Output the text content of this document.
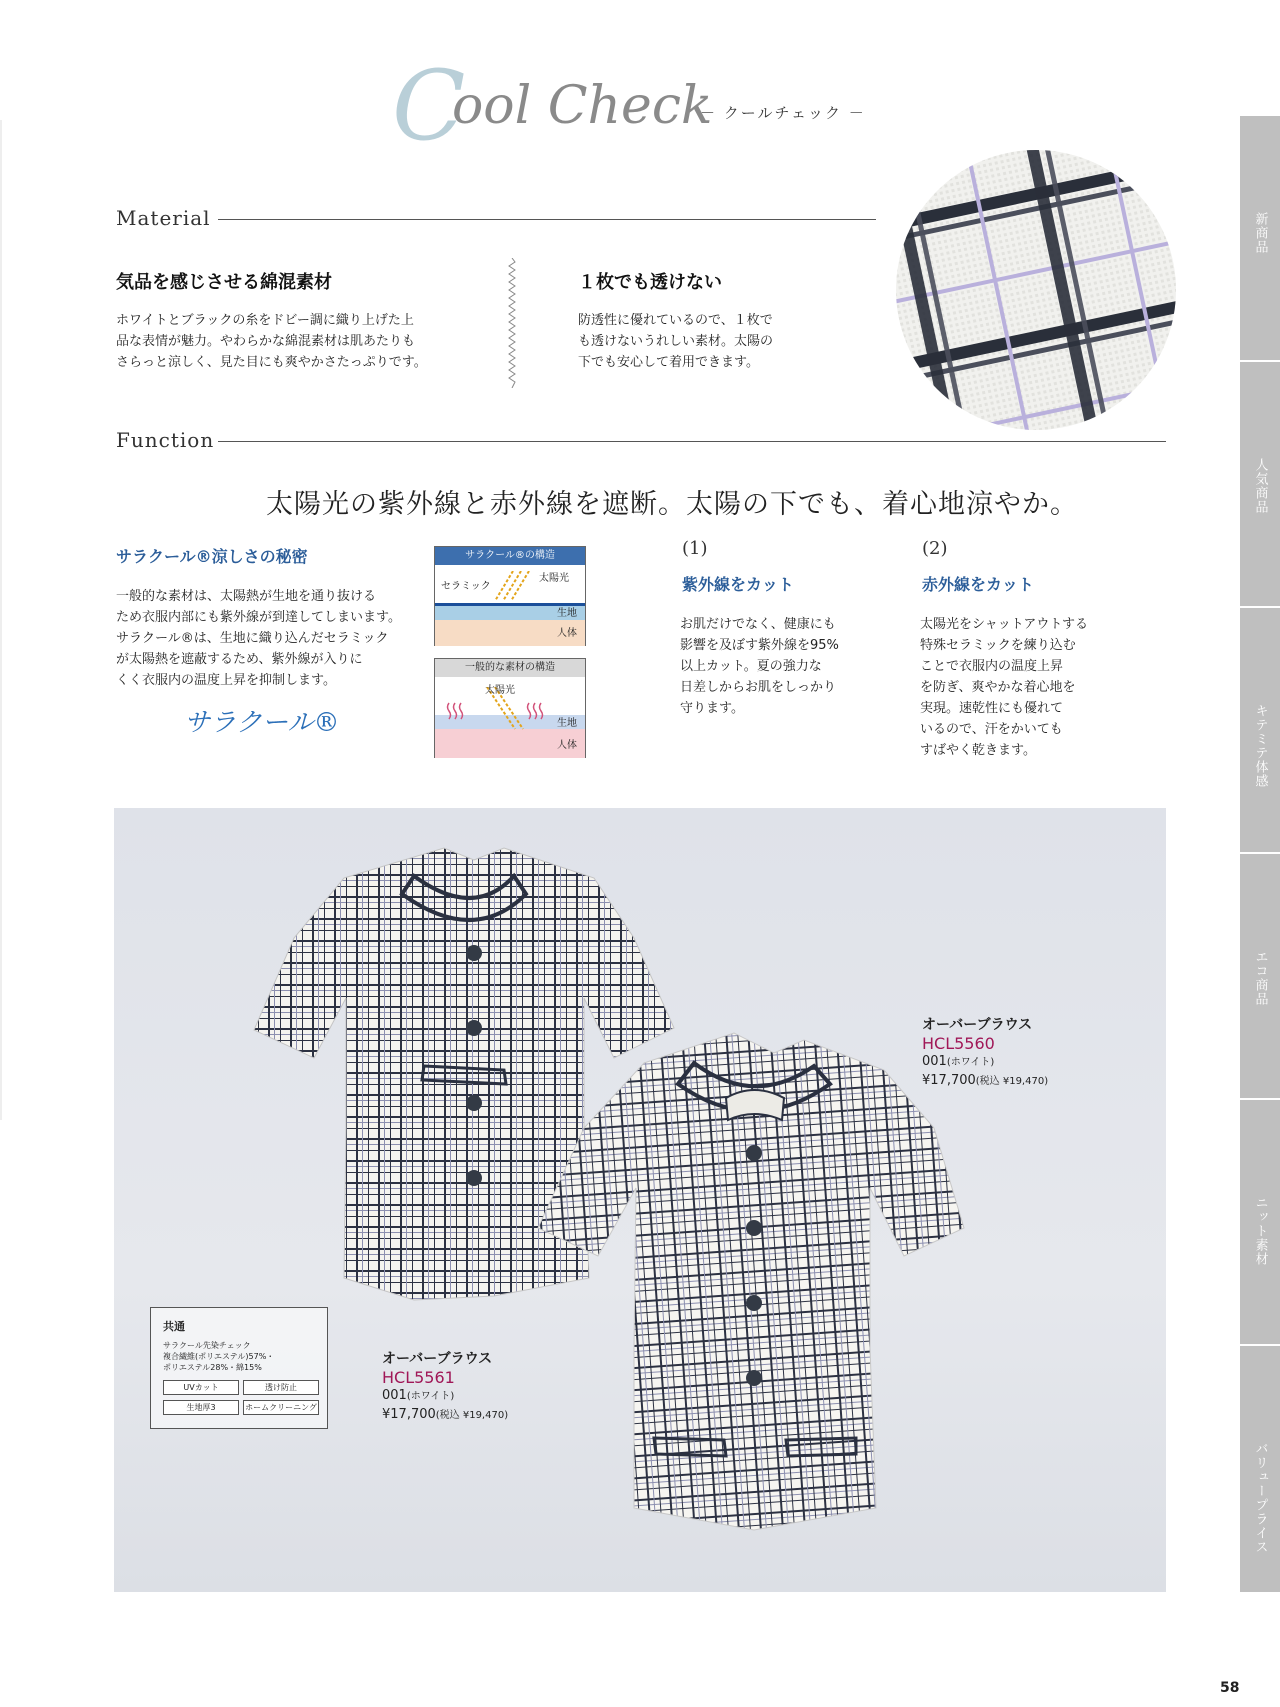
C
ool Check
－ クールチェック －
Material
気品を感じさせる綿混素材
ホワイトとブラックの糸をドビー調に織り上げた上
品な表情が魅力。やわらかな綿混素材は肌あたりも
さらっと涼しく、見た目にも爽やかさたっぷりです。
１枚でも透けない
防透性に優れているので、１枚で
も透けないうれしい素材。太陽の
下でも安心して着用できます。
Function
太陽光の紫外線と赤外線を遮断。太陽の下でも、着心地涼やか。
サラクール®涼しさの秘密
一般的な素材は、太陽熱が生地を通り抜ける
ため衣服内部にも紫外線が到達してしまいます。
サラクール®は、生地に織り込んだセラミック
が太陽熱を遮蔽するため、紫外線が入りに
くく衣服内の温度上昇を抑制します。
サラクール®
サラクール®の構造
セラミック
太陽光
生地
人体
一般的な素材の構造
太陽光
生地
人体
(1)
紫外線をカット
お肌だけでなく、健康にも
影響を及ぼす紫外線を95%
以上カット。夏の強力な
日差しからお肌をしっかり
守ります。
(2)
赤外線をカット
太陽光をシャットアウトする
特殊セラミックを練り込む
ことで衣服内の温度上昇
を防ぎ、爽やかな着心地を
実現。速乾性にも優れて
いるので、汗をかいても
すばやく乾きます。
オーバーブラウス
HCL5560
001(ホワイト)
¥17,700(税込 ¥19,470)
オーバーブラウス
HCL5561
001(ホワイト)
¥17,700(税込 ¥19,470)
共通
サラクール先染チェック
複合繊維(ポリエステル)57%・
ポリエステル28%・綿15%
UVカット	透け防止
生地厚3	ホームクリーニング
新商品
人気商品
キテミテ体感
エコ商品
ニット素材
バリュープライス
58
